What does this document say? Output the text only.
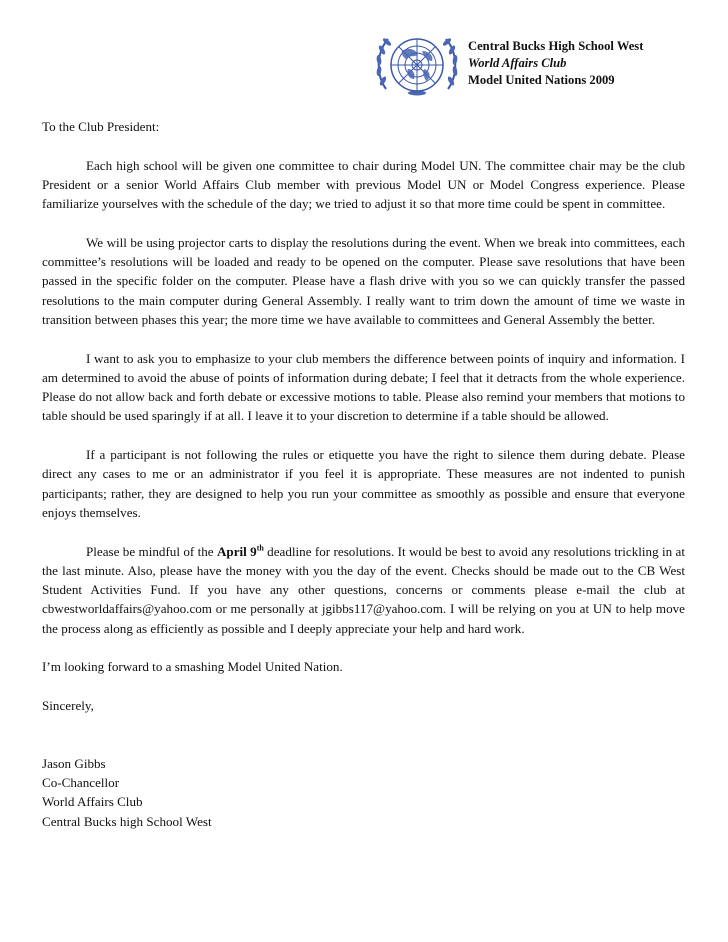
Central Bucks High School West
World Affairs Club
Model United Nations 2009

To the Club President:

Each high school will be given one committee to chair during Model UN. The committee chair may be the club President or a senior World Affairs Club member with previous Model UN or Model Congress experience. Please familiarize yourselves with the schedule of the day; we tried to adjust it so that more time could be spent in committee.

We will be using projector carts to display the resolutions during the event. When we break into committees, each committee’s resolutions will be loaded and ready to be opened on the computer. Please save resolutions that have been passed in the specific folder on the computer. Please have a flash drive with you so we can quickly transfer the passed resolutions to the main computer during General Assembly. I really want to trim down the amount of time we waste in transition between phases this year; the more time we have available to committees and General Assembly the better.

I want to ask you to emphasize to your club members the difference between points of inquiry and information. I am determined to avoid the abuse of points of information during debate; I feel that it detracts from the whole experience. Please do not allow back and forth debate or excessive motions to table. Please also remind your members that motions to table should be used sparingly if at all. I leave it to your discretion to determine if a table should be allowed.

If a participant is not following the rules or etiquette you have the right to silence them during debate. Please direct any cases to me or an administrator if you feel it is appropriate. These measures are not indented to punish participants; rather, they are designed to help you run your committee as smoothly as possible and ensure that everyone enjoys themselves.

Please be mindful of the April 9th deadline for resolutions. It would be best to avoid any resolutions trickling in at the last minute. Also, please have the money with you the day of the event. Checks should be made out to the CB West Student Activities Fund. If you have any other questions, concerns or comments please e-mail the club at cbwestworldaffairs@yahoo.com or me personally at jgibbs117@yahoo.com. I will be relying on you at UN to help move the process along as efficiently as possible and I deeply appreciate your help and hard work.

I’m looking forward to a smashing Model United Nation.

Sincerely,

Jason Gibbs

Co-Chancellor

World Affairs Club

Central Bucks high School West
